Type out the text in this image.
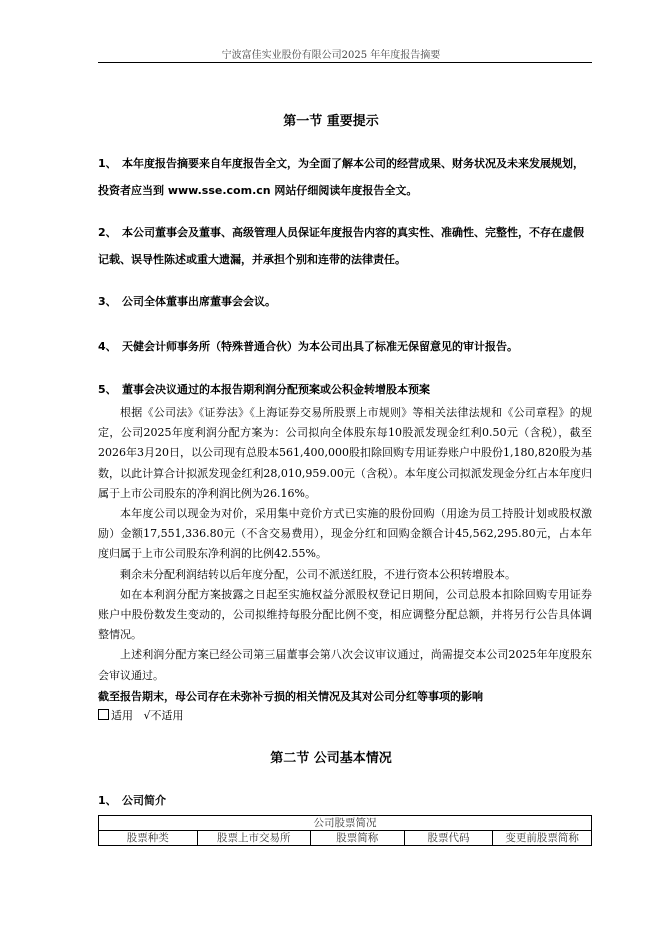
宁波富佳实业股份有限公司2025 年年度报告摘要
第一节 重要提示
1、 本年度报告摘要来自年度报告全文，为全面了解本公司的经营成果、财务状况及未来发展规划，投资者应当到 www.sse.com.cn 网站仔细阅读年度报告全文。
2、 本公司董事会及董事、高级管理人员保证年度报告内容的真实性、准确性、完整性，不存在虚假记载、误导性陈述或重大遗漏，并承担个别和连带的法律责任。
3、 公司全体董事出席董事会会议。
4、 天健会计师事务所（特殊普通合伙）为本公司出具了标准无保留意见的审计报告。
5、 董事会决议通过的本报告期利润分配预案或公积金转增股本预案

根据《公司法》《证券法》《上海证券交易所股票上市规则》等相关法律法规和《公司章程》的规定，公司2025年度利润分配方案为：公司拟向全体股东每10股派发现金红利0.50元（含税），截至2026年3月20日，以公司现有总股本561,400,000股扣除回购专用证券账户中股份1,180,820股为基数，以此计算合计拟派发现金红利28,010,959.00元（含税）。本年度公司拟派发现金分红占本年度归属于上市公司股东的净利润比例为26.16%。

本年度公司以现金为对价，采用集中竞价方式已实施的股份回购（用途为员工持股计划或股权激励）金额17,551,336.80元（不含交易费用），现金分红和回购金额合计45,562,295.80元，占本年度归属于上市公司股东净利润的比例42.55%。

剩余未分配利润结转以后年度分配，公司不派送红股，不进行资本公积转增股本。

如在本利润分配方案披露之日起至实施权益分派股权登记日期间，公司总股本扣除回购专用证券账户中股份数发生变动的，公司拟维持每股分配比例不变，相应调整分配总额，并将另行公告具体调整情况。

上述利润分配方案已经公司第三届董事会第八次会议审议通过，尚需提交本公司2025年年度股东会审议通过。

截至报告期末，母公司存在未弥补亏损的相关情况及其对公司分红等事项的影响
适用 √不适用
第二节 公司基本情况
1、 公司简介
公司股票简况
股票种类	股票上市交易所	股票简称	股票代码	变更前股票简称
